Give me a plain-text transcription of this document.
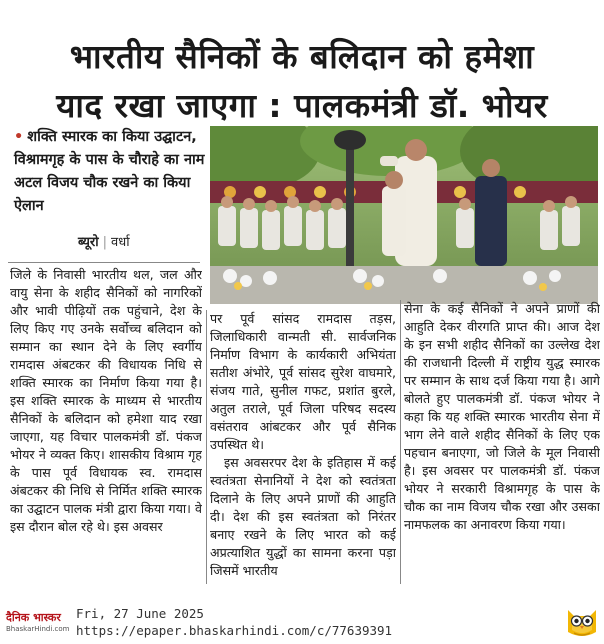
भारतीय सैनिकों के बलिदान को हमेशा
याद रखा जाएगा : पालकमंत्री डॉ. भोयर
• शक्ति स्मारक का किया उद्घाटन, विश्रामगृह के पास के चौराहे का नाम अटल विजय चौक रखने का किया ऐलान
ब्यूरो | वर्धा

जिले के निवासी भारतीय थल, जल और वायु सेना के शहीद सैनिकों को नागरिकों और भावी पीढ़ियों तक पहुंचाने, देश के लिए किए गए उनके सर्वोच्च बलिदान को सम्मान का स्थान देने के लिए स्वर्गीय रामदास अंबटकर की विधायक निधि से शक्ति स्मारक का निर्माण किया गया है। इस शक्ति स्मारक के माध्यम से भारतीय सैनिकों के बलिदान को हमेशा याद रखा जाएगा, यह विचार पालकमंत्री डॉ. पंकज भोयर ने व्यक्त किए। शासकीय विश्राम गृह के पास पूर्व विधायक स्व. रामदास अंबटकर की निधि से निर्मित शक्ति स्मारक का उद्घाटन पालक मंत्री द्वारा किया गया। वे इस दौरान बोल रहे थे। इस अवसर

पर पूर्व सांसद रामदास तड़स, जिलाधिकारी वान्मती सी. सार्वजनिक निर्माण विभाग के कार्यकारी अभियंता सतीश अंभोरे, पूर्व सांसद सुरेश वाघमारे, संजय गाते, सुनील गफट, प्रशांत बुरले, अतुल तराले, पूर्व जिला परिषद सदस्य वसंतराव आंबटकर और पूर्व सैनिक उपस्थित थे।

इस अवसरपर देश के इतिहास में कई स्वतंत्रता सेनानियों ने देश को स्वतंत्रता दिलाने के लिए अपने प्राणों की आहुति दी। देश की इस स्वतंत्रता को निरंतर बनाए रखने के लिए भारत को कई अप्रत्याशित युद्धों का सामना करना पड़ा जिसमें भारतीय

सेना के कई सैनिकों ने अपने प्राणों की आहुति देकर वीरगति प्राप्त की। आज देश के इन सभी शहीद सैनिकों का उल्लेख देश की राजधानी दिल्ली में राष्ट्रीय युद्ध स्मारक पर सम्मान के साथ दर्ज किया गया है। आगे बोलते हुए पालकमंत्री डॉ. पंकज भोयर ने कहा कि यह शक्ति स्मारक भारतीय सेना में भाग लेने वाले शहीद सैनिकों के लिए एक पहचान बनाएगा, जो जिले के मूल निवासी है। इस अवसर पर पालकमंत्री डॉ. पंकज भोयर ने सरकारी विश्रामगृह के पास के चौक का नाम विजय चौक रखा और उसका नामफलक का अनावरण किया गया।

दैनिक भास्कर
BhaskarHindi.com
Fri, 27 June 2025
https://epaper.bhaskarhindi.com/c/77639391
